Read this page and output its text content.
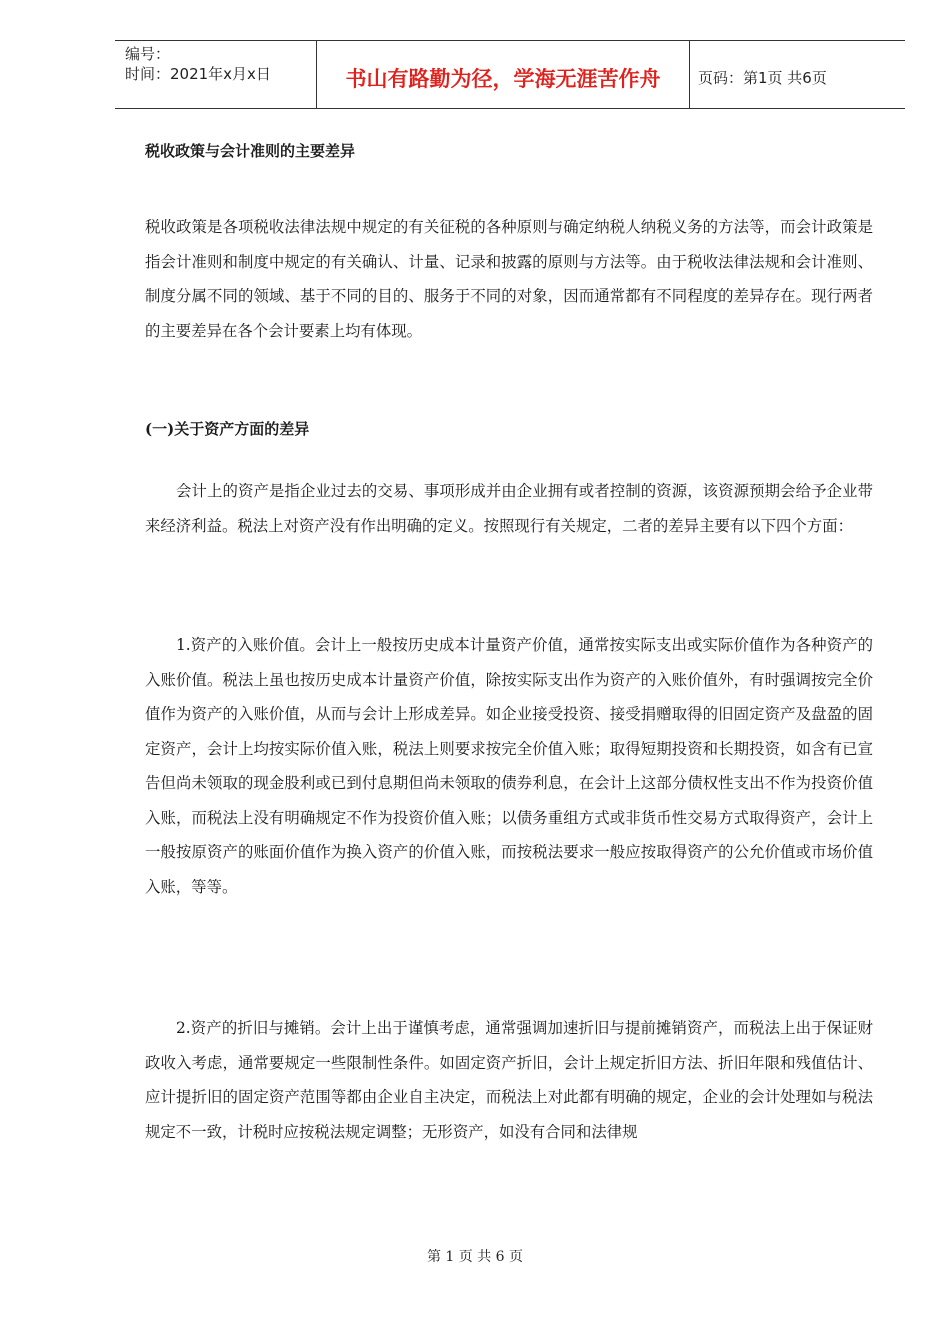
编号：
时间：2021年x月x日	书山有路勤为径，学海无涯苦作舟	页码：第1页 共6页
税收政策与会计准则的主要差异

税收政策是各项税收法律法规中规定的有关征税的各种原则与确定纳税人纳税义务的方法等，而会计政策是指会计准则和制度中规定的有关确认、计量、记录和披露的原则与方法等。由于税收法律法规和会计准则、制度分属不同的领域、基于不同的目的、服务于不同的对象，因而通常都有不同程度的差异存在。现行两者的主要差异在各个会计要素上均有体现。

(一)关于资产方面的差异

会计上的资产是指企业过去的交易、事项形成并由企业拥有或者控制的资源，该资源预期会给予企业带来经济利益。税法上对资产没有作出明确的定义。按照现行有关规定，二者的差异主要有以下四个方面：

1.资产的入账价值。会计上一般按历史成本计量资产价值，通常按实际支出或实际价值作为各种资产的入账价值。税法上虽也按历史成本计量资产价值，除按实际支出作为资产的入账价值外，有时强调按完全价值作为资产的入账价值，从而与会计上形成差异。如企业接受投资、接受捐赠取得的旧固定资产及盘盈的固定资产，会计上均按实际价值入账，税法上则要求按完全价值入账；取得短期投资和长期投资，如含有已宣告但尚未领取的现金股利或已到付息期但尚未领取的债券利息，在会计上这部分债权性支出不作为投资价值入账，而税法上没有明确规定不作为投资价值入账；以债务重组方式或非货币性交易方式取得资产，会计上一般按原资产的账面价值作为换入资产的价值入账，而按税法要求一般应按取得资产的公允价值或市场价值入账，等等。

2.资产的折旧与摊销。会计上出于谨慎考虑，通常强调加速折旧与提前摊销资产，而税法上出于保证财政收入考虑，通常要规定一些限制性条件。如固定资产折旧，会计上规定折旧方法、折旧年限和残值估计、应计提折旧的固定资产范围等都由企业自主决定，而税法上对此都有明确的规定，企业的会计处理如与税法规定不一致，计税时应按税法规定调整；无形资产，如没有合同和法律规

第 1 页 共 6 页
